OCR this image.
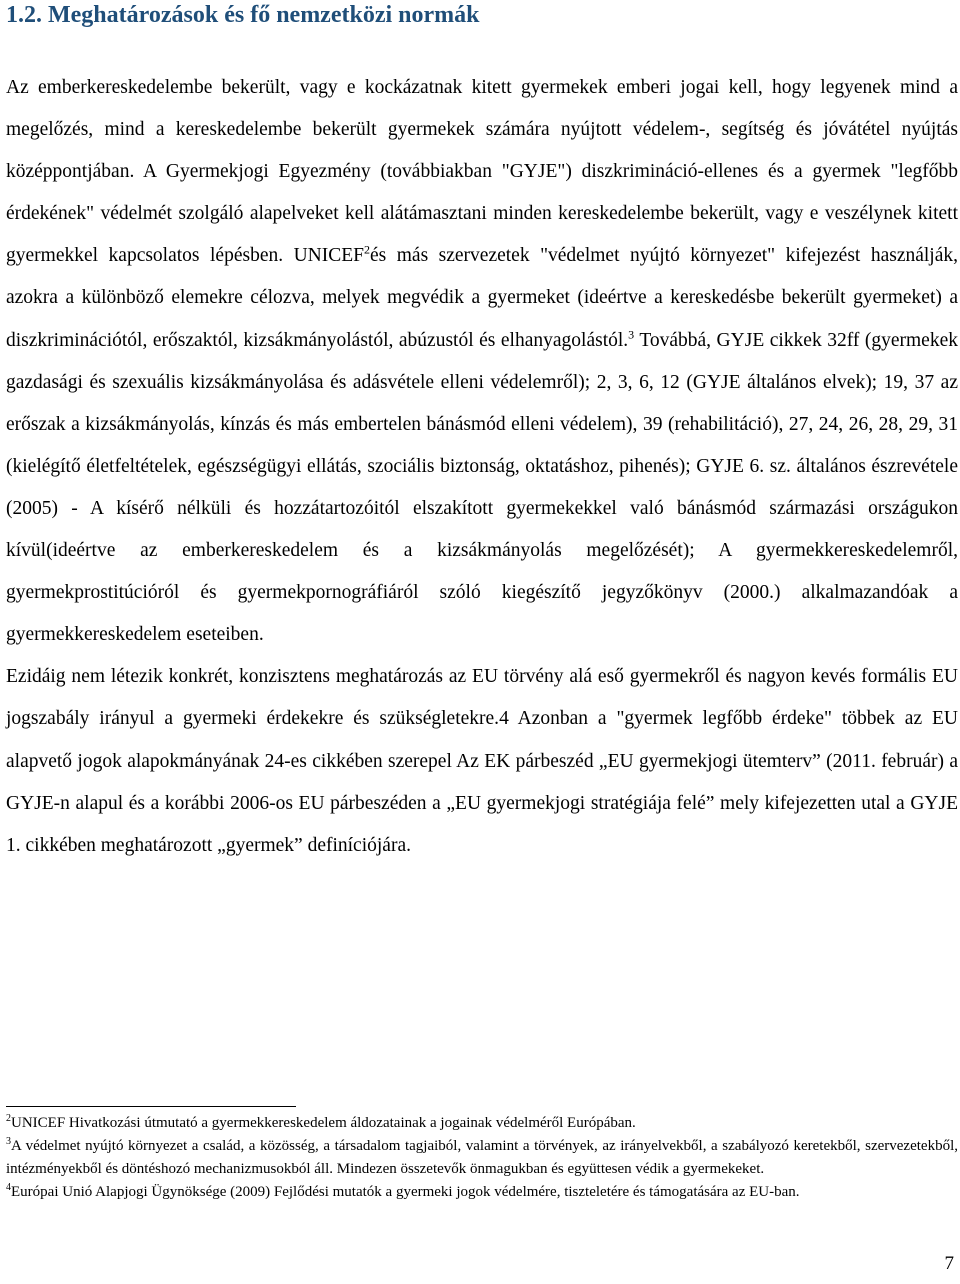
1.2. Meghatározások és fő nemzetközi normák

Az emberkereskedelembe bekerült, vagy e kockázatnak kitett gyermekek emberi jogai kell, hogy legyenek mind a megelőzés, mind a kereskedelembe bekerült gyermekek számára nyújtott védelem-, segítség és jóvátétel nyújtás középpontjában. A Gyermekjogi Egyezmény (továbbiakban "GYJE") diszkrimináció-ellenes és a gyermek "legfőbb érdekének" védelmét szolgáló alapelveket kell alátámasztani minden kereskedelembe bekerült, vagy e veszélynek kitett gyermekkel kapcsolatos lépésben. UNICEF$^2$és más szervezetek "védelmet nyújtó környezet" kifejezést használják, azokra a különböző elemekre célozva, melyek megvédik a gyermeket (ideértve a kereskedésbe bekerült gyermeket) a diszkriminációtól, erőszaktól, kizsákmányolástól, abúzustól és elhanyagolástól.$^3$ Továbbá, GYJE cikkek 32ff (gyermekek gazdasági és szexuális kizsákmányolása és adásvétele elleni védelemről); 2, 3, 6, 12 (GYJE általános elvek); 19, 37 az erőszak a kizsákmányolás, kínzás és más embertelen bánásmód elleni védelem), 39 (rehabilitáció), 27, 24, 26, 28, 29, 31 (kielégítő életfeltételek, egészségügyi ellátás, szociális biztonság, oktatáshoz, pihenés); GYJE 6. sz. általános észrevétele (2005) - A kísérő nélküli és hozzátartozóitól elszakított gyermekekkel való bánásmód származási országukon kívül(ideértve az emberkereskedelem és a kizsákmányolás megelőzését); A gyermekkereskedelemről, gyermekprostitúcióról és gyermekpornográfiáról szóló kiegészítő jegyzőkönyv (2000.) alkalmazandóak a gyermekkereskedelem eseteiben.

Ezidáig nem létezik konkrét, konzisztens meghatározás az EU törvény alá eső gyermekről és nagyon kevés formális EU jogszabály irányul a gyermeki érdekekre és szükségletekre.4 Azonban a "gyermek legfőbb érdeke" többek az EU alapvető jogok alapokmányának 24-es cikkében szerepel Az EK párbeszéd „EU gyermekjogi ütemterv” (2011. február) a GYJE-n alapul és a korábbi 2006-os EU párbeszéden a „EU gyermekjogi stratégiája felé” mely kifejezetten utal a GYJE 1. cikkében meghatározott „gyermek” definíciójára.

$^2$UNICEF Hivatkozási útmutató a gyermekkereskedelem áldozatainak a jogainak védelméről Európában.

$^3$A védelmet nyújtó környezet a család, a közösség, a társadalom tagjaiból, valamint a törvények, az irányelvekből, a szabályozó keretekből, szervezetekből, intézményekből és döntéshozó mechanizmusokból áll. Mindezen összetevők önmagukban és együttesen védik a gyermekeket.

$^4$Európai Unió Alapjogi Ügynöksége (2009) Fejlődési mutatók a gyermeki jogok védelmére, tiszteletére és támogatására az EU-ban.

7
